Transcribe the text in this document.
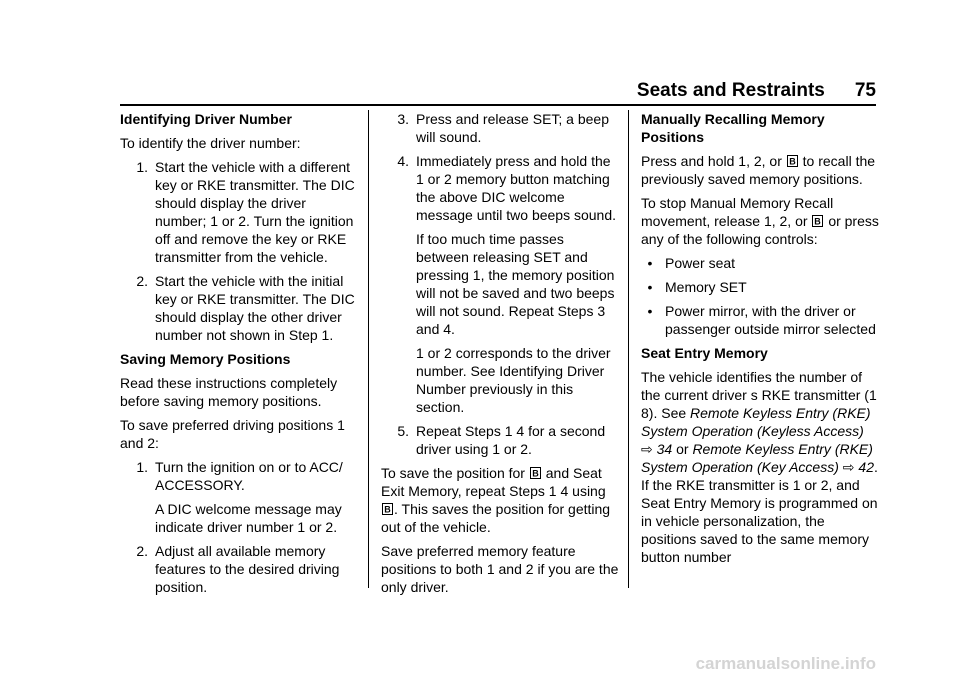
Seats and Restraints 75
Identifying Driver Number

To identify the driver number:

1. Start the vehicle with a different key or RKE transmitter. The DIC should display the driver number; 1 or 2. Turn the ignition off and remove the key or RKE transmitter from the vehicle.
2. Start the vehicle with the initial key or RKE transmitter. The DIC should display the other driver number not shown in Step 1.
Saving Memory Positions

Read these instructions completely before saving memory positions.

To save preferred driving positions 1 and 2:

1. Turn the ignition on or to ACC/ ACCESSORY.

A DIC welcome message may indicate driver number 1 or 2.

2. Adjust all available memory features to the desired driving position.
3. Press and release SET; a beep will sound.
4. Immediately press and hold the 1 or 2 memory button matching the above DIC welcome message until two beeps sound.

If too much time passes between releasing SET and pressing 1, the memory position will not be saved and two beeps will not sound. Repeat Steps 3 and 4.

1 or 2 corresponds to the driver number. See Identifying Driver Number previously in this section.

5. Repeat Steps 1 4 for a second driver using 1 or 2.

To save the position for B and Seat Exit Memory, repeat Steps 1 4 using
B . This saves the position for getting out of the vehicle.

Save preferred memory feature positions to both 1 and 2 if you are the only driver.

Manually Recalling Memory Positions

Press and hold 1, 2, or B to recall the previously saved memory positions.

To stop Manual Memory Recall movement, release 1, 2, or B or press any of the following controls:

• Power seat
• Memory SET
• Power mirror, with the driver or passenger outside mirror selected
Seat Entry Memory

The vehicle identifies the number of the current driver s RKE transmitter (1 8). See Remote Keyless Entry (RKE) System Operation (Keyless Access) ⇨ 34 or Remote Keyless Entry (RKE) System Operation (Key Access) ⇨ 42. If the RKE transmitter is 1 or 2, and Seat Entry Memory is programmed on in vehicle personalization, the positions saved to the same memory button number

carmanualsonline.info
